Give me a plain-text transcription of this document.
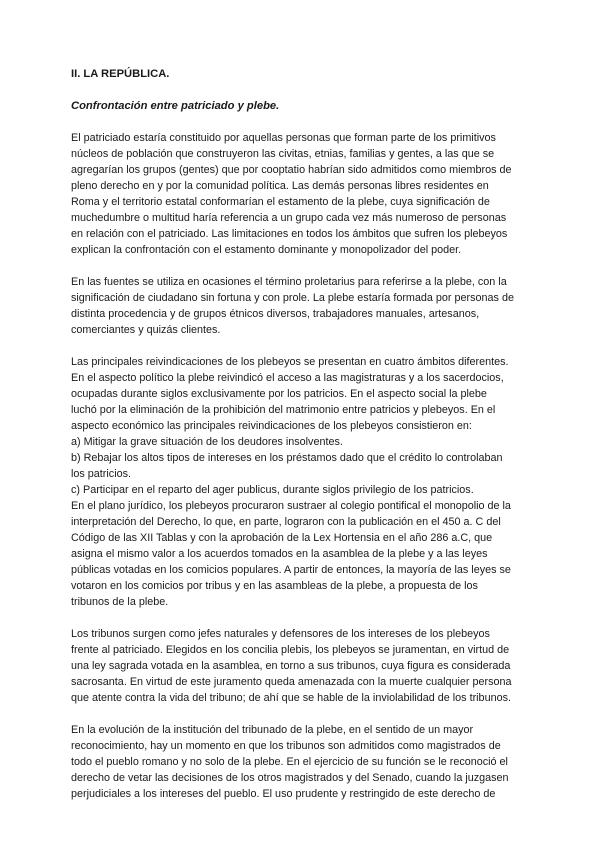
II. LA REPÚBLICA.
Confrontación entre patriciado y plebe.
El patriciado estaría constituido por aquellas personas que forman parte de los primitivos
núcleos de población que construyeron las civitas, etnias, familias y gentes, a las que se
agregarían los grupos (gentes) que por cooptatio habrían sido admitidos como miembros de
pleno derecho en y por la comunidad política. Las demás personas libres residentes en
Roma y el territorio estatal conformarían el estamento de la plebe, cuya significación de
muchedumbre o multitud haría referencia a un grupo cada vez más numeroso de personas
en relación con el patriciado. Las limitaciones en todos los ámbitos que sufren los plebeyos
explican la confrontación con el estamento dominante y monopolizador del poder.
En las fuentes se utiliza en ocasiones el término proletarius para referirse a la plebe, con la
significación de ciudadano sin fortuna y con prole. La plebe estaría formada por personas de
distinta procedencia y de grupos étnicos diversos, trabajadores manuales, artesanos,
comerciantes y quizás clientes.
Las principales reivindicaciones de los plebeyos se presentan en cuatro ámbitos diferentes.
En el aspecto político la plebe reivindicó el acceso a las magistraturas y a los sacerdocios,
ocupadas durante siglos exclusivamente por los patricios. En el aspecto social la plebe
luchó por la eliminación de la prohibición del matrimonio entre patricios y plebeyos. En el
aspecto económico las principales reivindicaciones de los plebeyos consistieron en:
a) Mitigar la grave situación de los deudores insolventes.
b) Rebajar los altos tipos de intereses en los préstamos dado que el crédito lo controlaban
los patricios.
c) Participar en el reparto del ager publicus, durante siglos privilegio de los patricios.
En el plano jurídico, los plebeyos procuraron sustraer al colegio pontifical el monopolio de la
interpretación del Derecho, lo que, en parte, lograron con la publicación en el 450 a. C del
Código de las XII Tablas y con la aprobación de la Lex Hortensia en el año 286 a.C, que
asigna el mismo valor a los acuerdos tomados en la asamblea de la plebe y a las leyes
públicas votadas en los comicios populares. A partir de entonces, la mayoría de las leyes se
votaron en los comicios por tribus y en las asambleas de la plebe, a propuesta de los
tribunos de la plebe.
Los tribunos surgen como jefes naturales y defensores de los intereses de los plebeyos
frente al patriciado. Elegidos en los concilia plebis, los plebeyos se juramentan, en virtud de
una ley sagrada votada en la asamblea, en torno a sus tribunos, cuya figura es considerada
sacrosanta. En virtud de este juramento queda amenazada con la muerte cualquier persona
que atente contra la vida del tribuno; de ahí que se hable de la inviolabilidad de los tribunos.
En la evolución de la institución del tribunado de la plebe, en el sentido de un mayor
reconocimiento, hay un momento en que los tribunos son admitidos como magistrados de
todo el pueblo romano y no solo de la plebe. En el ejercicio de su función se le reconoció el
derecho de vetar las decisiones de los otros magistrados y del Senado, cuando la juzgasen
perjudiciales a los intereses del pueblo. El uso prudente y restringido de este derecho de
